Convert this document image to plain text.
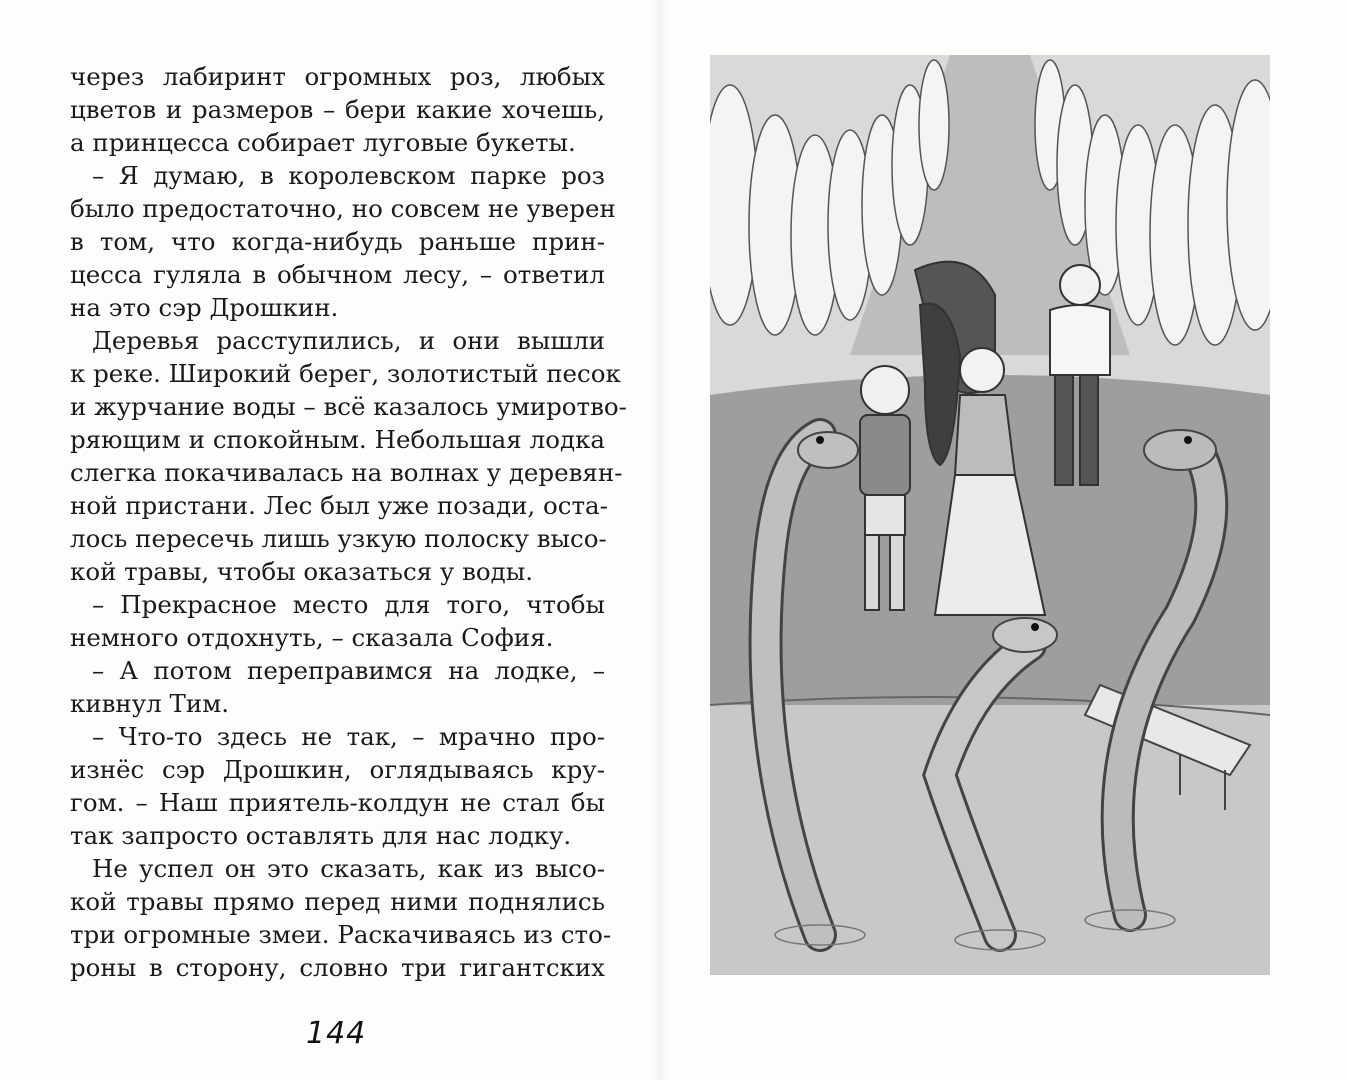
через лабиринт огромных роз, любых
цветов и размеров – бери какие хочешь,
а принцесса собирает луговые букеты.
– Я думаю, в королевском парке роз
было предостаточно, но совсем не уверен
в том, что когда-нибудь раньше прин-
цесса гуляла в обычном лесу, – ответил
на это сэр Дрошкин.
Деревья расступились, и они вышли
к реке. Широкий берег, золотистый песок
и журчание воды – всё казалось умиротво-
ряющим и спокойным. Небольшая лодка
слегка покачивалась на волнах у деревян-
ной пристани. Лес был уже позади, оста-
лось пересечь лишь узкую полоску высо-
кой травы, чтобы оказаться у воды.
– Прекрасное место для того, чтобы
немного отдохнуть, – сказала София.
– А потом переправимся на лодке, –
кивнул Тим.
– Что-то здесь не так, – мрачно про-
изнёс сэр Дрошкин, оглядываясь кру-
гом. – Наш приятель-колдун не стал бы
так запросто оставлять для нас лодку.
Не успел он это сказать, как из высо-
кой травы прямо перед ними поднялись
три огромные змеи. Раскачиваясь из сто-
роны в сторону, словно три гигантских
144
